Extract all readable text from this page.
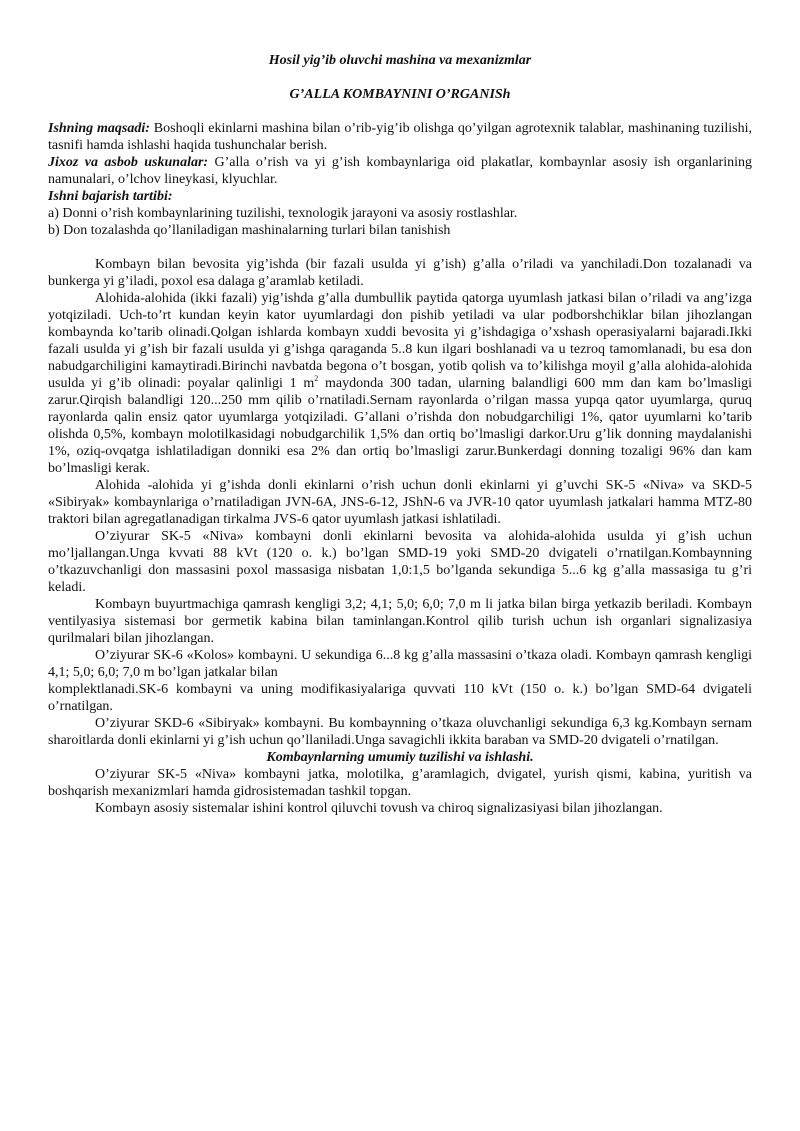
Hosil yig’ib oluvchi mashina va mexanizmlar

G’ALLA KOMBAYNINI O’RGANISh

Ishning maqsadi: Boshoqli ekinlarni mashina bilan o’rib-yig’ib olishga qo’yilgan agrotexnik talablar, mashinaning tuzilishi, tasnifi hamda ishlashi haqida tushunchalar berish.

Jixoz va asbob uskunalar: G’alla o’rish va yi g’ish kombaynlariga oid plakatlar, kombaynlar asosiy ish organlarining namunalari, o’lchov lineykasi, klyuchlar.

Ishni bajarish tartibi:

a) Donni o’rish kombaynlarining tuzilishi, texnologik jarayoni va asosiy rostlashlar.

b) Don tozalashda qo’llaniladigan mashinalarning turlari bilan tanishish

Kombayn bilan bevosita yig’ishda (bir fazali usulda yi g’ish) g’alla o’riladi va yanchiladi.Don tozalanadi va bunkerga yi g’iladi, poxol esa dalaga g’aramlab ketiladi.

Alohida-alohida (ikki fazali) yig’ishda g’alla dumbullik paytida qatorga uyumlash jatkasi bilan o’riladi va ang’izga yotqiziladi. Uch-to’rt kundan keyin kator uyumlardagi don pishib yetiladi va ular podborshchiklar bilan jihozlangan kombaynda ko’tarib olinadi.Qolgan ishlarda kombayn xuddi bevosita yi g’ishdagiga o’xshash operasiyalarni bajaradi.Ikki fazali usulda yi g’ish bir fazali usulda yi g’ishga qaraganda 5..8 kun ilgari boshlanadi va u tezroq tamomlanadi, bu esa don nabudgarchiligini kamaytiradi.Birinchi navbatda begona o’t bosgan, yotib qolish va to’kilishga moyil g’alla alohida-alohida usulda yi g’ib olinadi: poyalar qalinligi 1 $m^2$ maydonda 300 tadan, ularning balandligi 600 mm dan kam bo’lmasligi zarur.Qirqish balandligi 120...250 mm qilib o’rnatiladi.Sernam rayonlarda o’rilgan massa yupqa qator uyumlarga, quruq rayonlarda qalin ensiz qator uyumlarga yotqiziladi. G’allani o’rishda don nobudgarchiligi 1%, qator uyumlarni ko’tarib olishda 0,5%, kombayn molotilkasidagi nobudgarchilik 1,5% dan ortiq bo’lmasligi darkor.Uru g’lik donning maydalanishi 1%, oziq-ovqatga ishlatiladigan donniki esa 2% dan ortiq bo’lmasligi zarur.Bunkerdagi donning tozaligi 96% dan kam bo’lmasligi kerak.

Alohida -alohida yi g’ishda donli ekinlarni o’rish uchun donli ekinlarni yi g’uvchi SK-5 «Niva» va SKD-5 «Sibiryak» kombaynlariga o’rnatiladigan JVN-6A, JNS-6-12, JShN-6 va JVR-10 qator uyumlash jatkalari hamma MTZ-80 traktori bilan agregatlanadigan tirkalma JVS-6 qator uyumlash jatkasi ishlatiladi.

O’ziyurar SK-5 «Niva» kombayni donli ekinlarni bevosita va alohida-alohida usulda yi g’ish uchun mo’ljallangan.Unga kvvati 88 kVt (120 o. k.) bo’lgan SMD-19 yoki SMD-20 dvigateli o’rnatilgan.Kombaynning o’tkazuvchanligi don massasini poxol massasiga nisbatan 1,0:1,5 bo’lganda sekundiga 5...6 kg g’alla massasiga tu g’ri keladi.

Kombayn buyurtmachiga qamrash kengligi 3,2; 4,1; 5,0; 6,0; 7,0 m li jatka bilan birga yetkazib beriladi. Kombayn ventilyasiya sistemasi bor germetik kabina bilan taminlangan.Kontrol qilib turish uchun ish organlari signalizasiya qurilmalari bilan jihozlangan.

O’ziyurar SK-6 «Kolos» kombayni. U sekundiga 6...8 kg g’alla massasini o’tkaza oladi. Kombayn qamrash kengligi 4,1; 5,0; 6,0; 7,0 m bo’lgan jatkalar bilan

komplektlanadi.SK-6 kombayni va uning modifikasiyalariga quvvati 110 kVt (150 o. k.) bo’lgan SMD-64 dvigateli o’rnatilgan.

O’ziyurar SKD-6 «Sibiryak» kombayni. Bu kombaynning o’tkaza oluvchanligi sekundiga 6,3 kg.Kombayn sernam sharoitlarda donli ekinlarni yi g’ish uchun qo’llaniladi.Unga savagichli ikkita baraban va SMD-20 dvigateli o’rnatilgan.

Kombaynlarning umumiy tuzilishi va ishlashi.

O’ziyurar SK-5 «Niva» kombayni jatka, molotilka, g’aramlagich, dvigatel, yurish qismi, kabina, yuritish va boshqarish mexanizmlari hamda gidrosistemadan tashkil topgan.

Kombayn asosiy sistemalar ishini kontrol qiluvchi tovush va chiroq signalizasiyasi bilan jihozlangan.
